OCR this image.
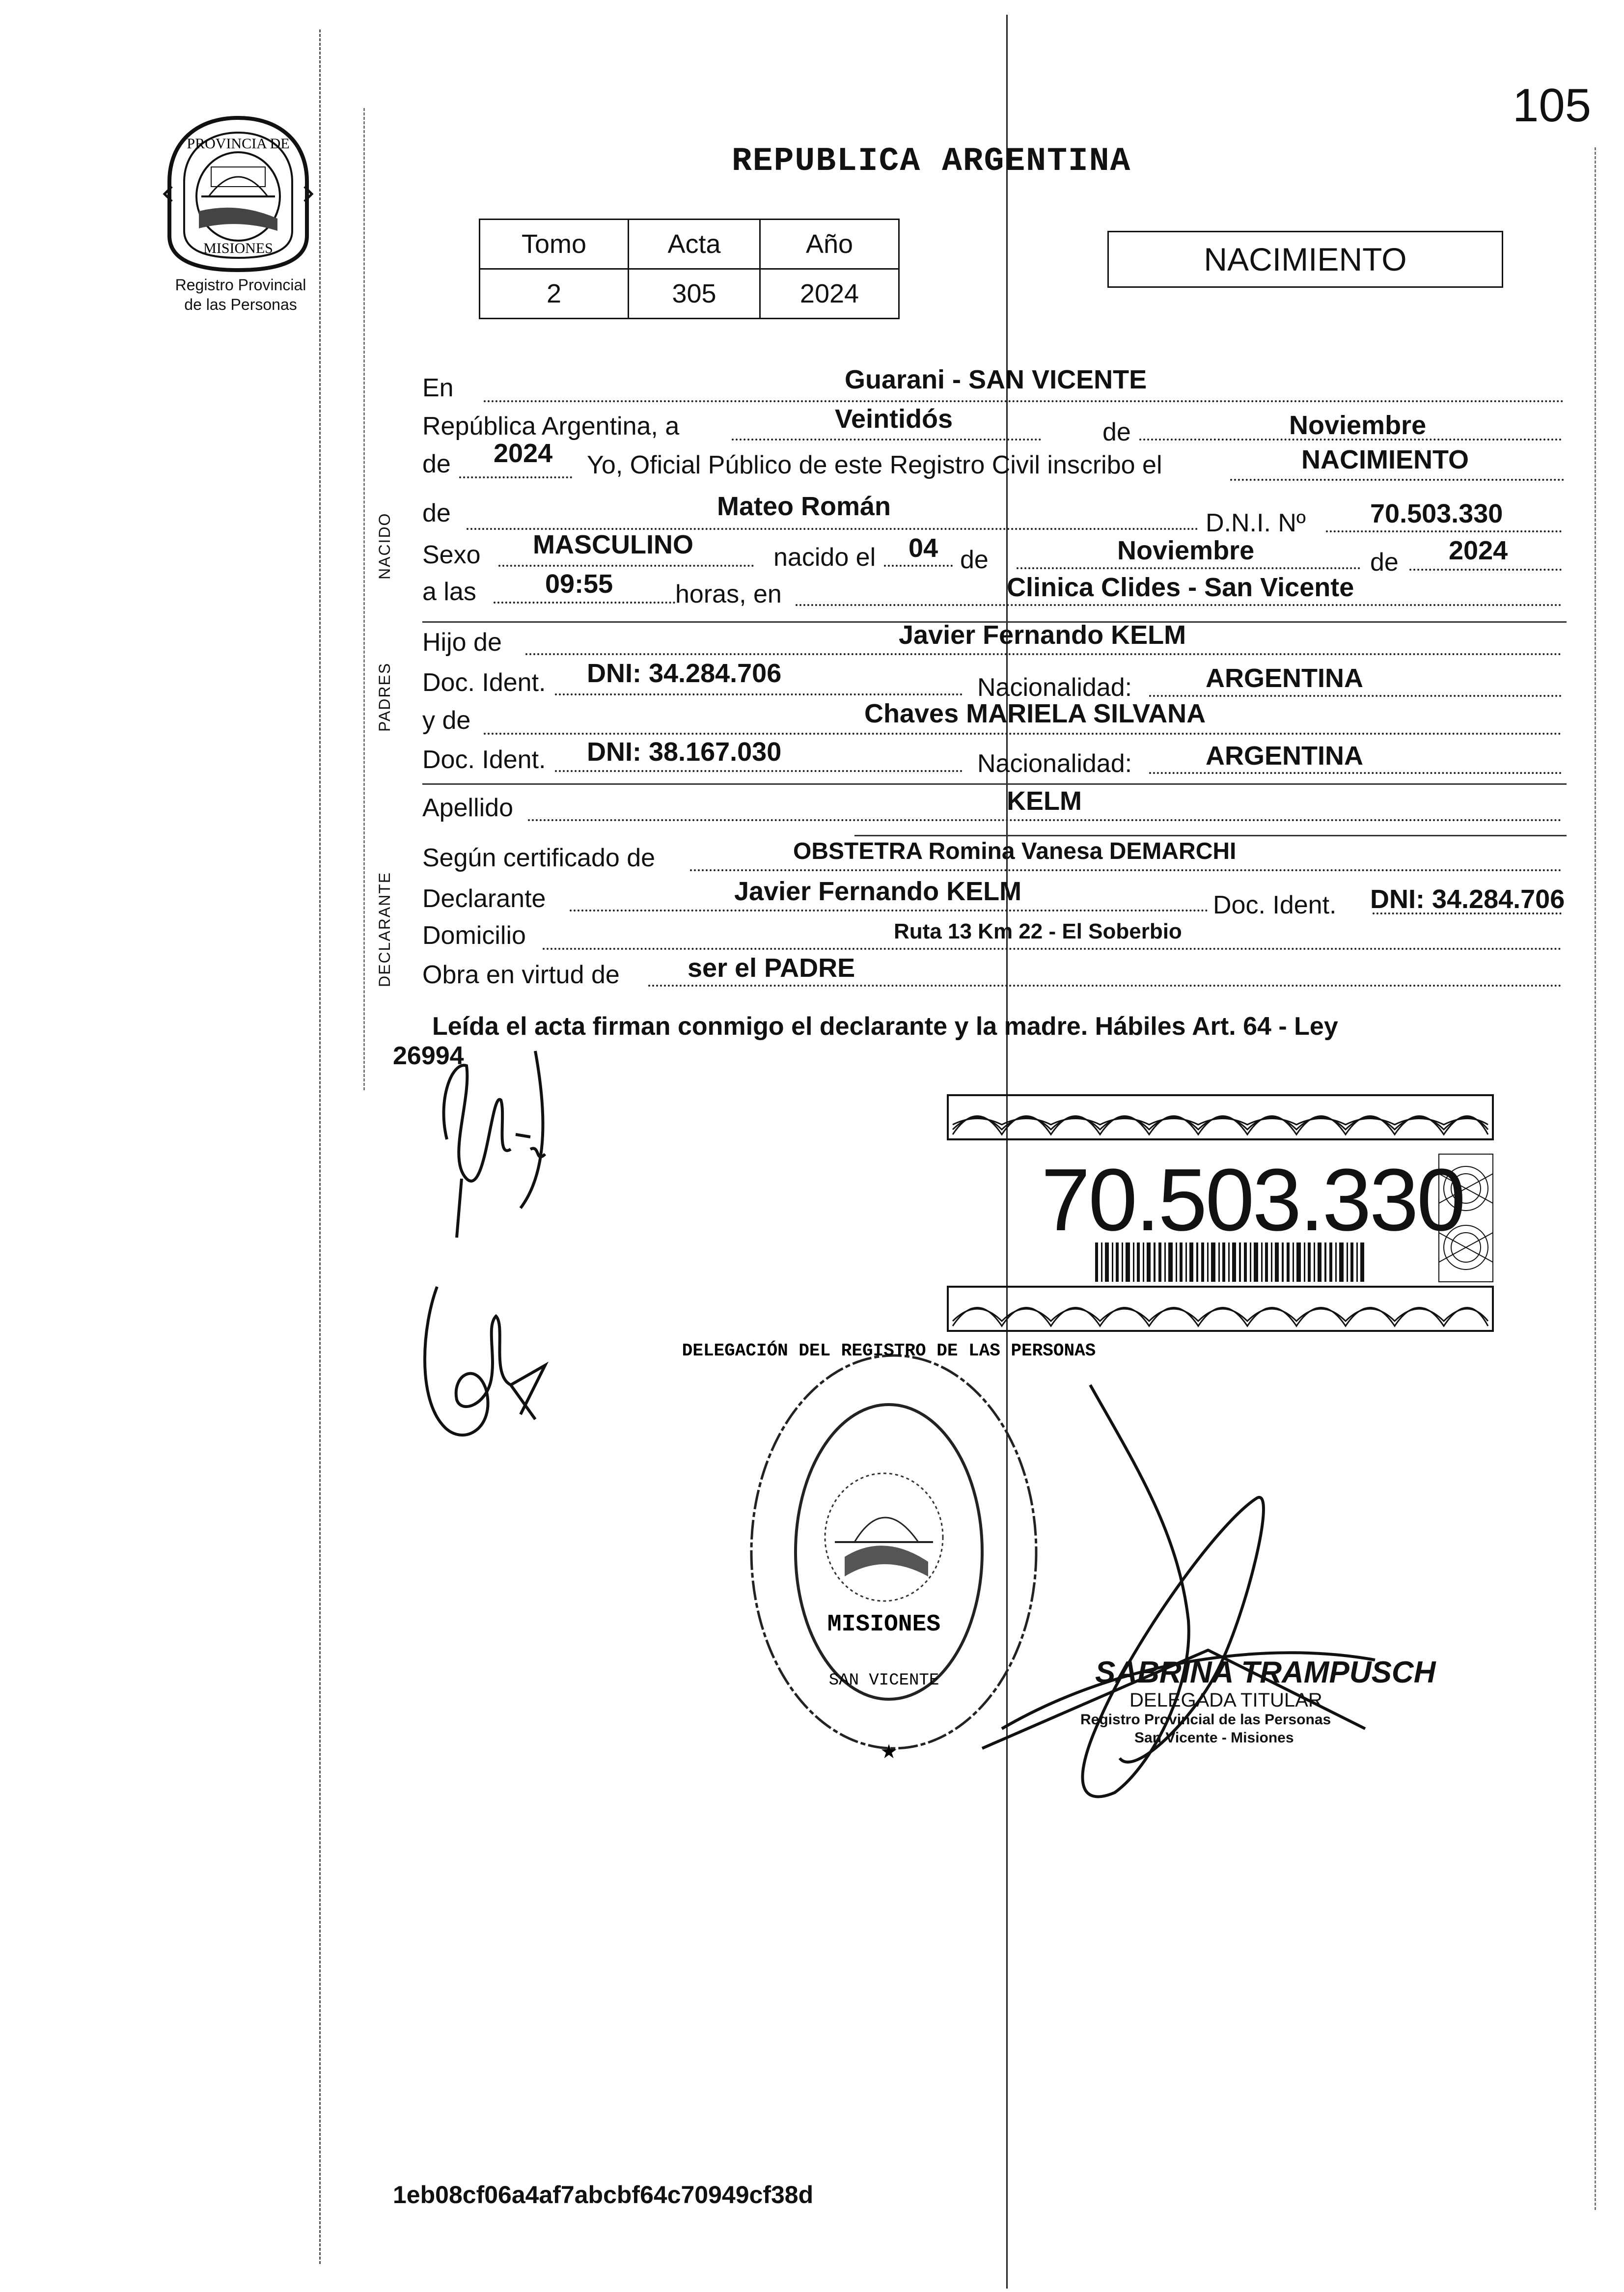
105
PROVINCIA DE
MISIONES
Registro Provincial
de las Personas
REPUBLICA ARGENTINA
Tomo	Acta	Año
2	305	2024
NACIMIENTO
NACIDO
PADRES
DECLARANTE
En	Guarani - SAN VICENTE
República Argentina, a	Veintidós	de	Noviembre
de 2024 Yo, Oficial Público de este Registro Civil inscribo el	NACIMIENTO
de	Mateo Román
D.N.I. Nº 70.503.330
Sexo MASCULINO	nacido el 04 de	Noviembre	de 2024
a las	09:55 horas, en	Clinica Clides - San Vicente
Hijo de	Javier Fernando KELM
Doc. Ident. DNI: 34.284.706	Nacionalidad:	ARGENTINA
y de	Chaves MARIELA SILVANA
Doc. Ident. DNI: 38.167.030	Nacionalidad:	ARGENTINA
Apellido	KELM
Según certificado de	OBSTETRA Romina Vanesa DEMARCHI
Declarante	Javier Fernando KELM	Doc. Ident. DNI: 34.284.706
Domicilio	Ruta 13 Km 22 - El Soberbio
Obra en virtud de	ser el PADRE
Leída el acta firman conmigo el declarante y la madre. Hábiles Art. 64 - Ley
26994
70.503.330
MISIONES
SAN VICENTE
DELEGACIÓN DEL REGISTRO DE LAS PERSONAS
★
SABRINA TRAMPUSCH
DELEGADA TITULAR
Registro Provincial de las Personas
San Vicente - Misiones
1eb08cf06a4af7abcbf64c70949cf38d
